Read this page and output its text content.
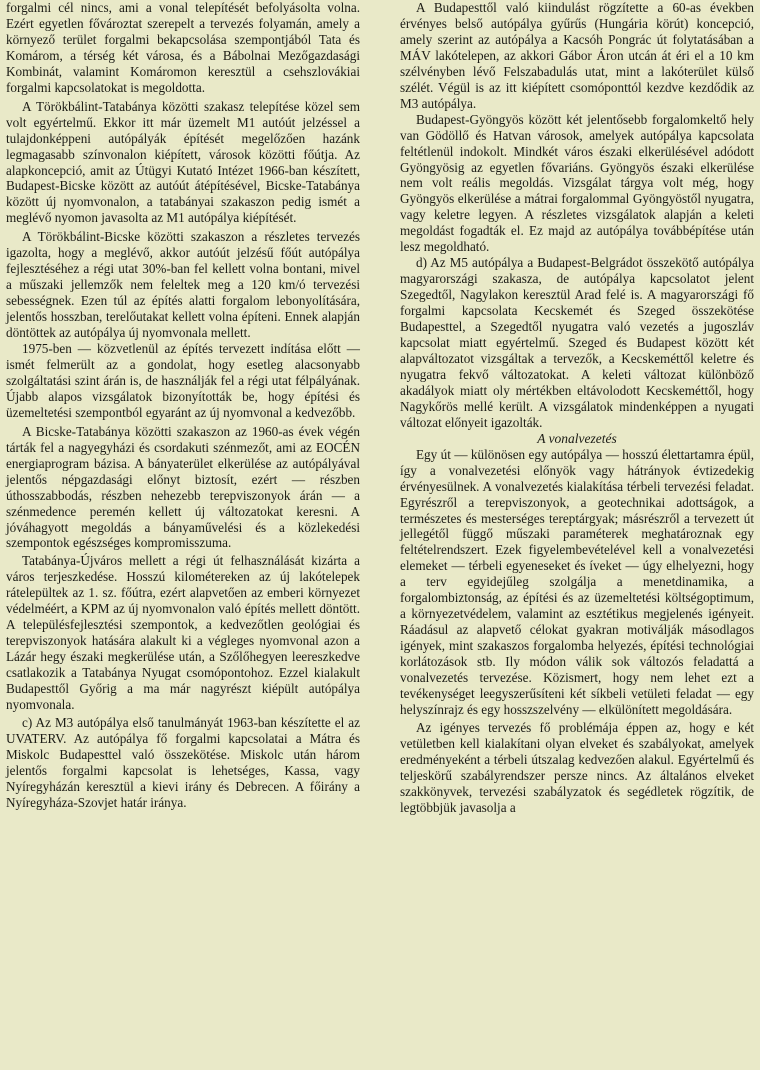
forgalmi cél nincs, ami a vonal telepítését befolyásolta volna. Ezért egyetlen fővároztat szerepelt a tervezés folyamán, amely a környező terület forgalmi bekapcsolása szempontjából Tata és Komárom, a térség két városa, és a Bábolnai Mezőgazdasági Kombinát, valamint Komáromon keresztül a csehszlovákiai forgalmi kapcsolatokat is megoldotta.

A Törökbálint-Tatabánya közötti szakasz telepítése közel sem volt egyértelmű. Ekkor itt már üzemelt M1 autóút jelzéssel a tulajdonképpeni autópályák építését megelőzően hazánk legmagasabb színvonalon kiépített, városok közötti főútja. Az alapkoncepció, amit az Útügyi Kutató Intézet 1966-ban készített, Budapest-Bicske között az autóút átépítésével, Bicske-Tatabánya között új nyomvonalon, a tatabányai szakaszon pedig ismét a meglévő nyomon javasolta az M1 autópálya kiépítését.

A Törökbálint-Bicske közötti szakaszon a részletes tervezés igazolta, hogy a meglévő, akkor autóút jelzésű főút autópálya fejlesztéséhez a régi utat 30%-ban fel kellett volna bontani, mivel a műszaki jellemzők nem feleltek meg a 120 km/ó tervezési sebességnek. Ezen túl az építés alatti forgalom lebonyolítására, jelentős hosszban, terelőutakat kellett volna építeni. Ennek alapján döntöttek az autópálya új nyomvonala mellett.

1975-ben — közvetlenül az építés tervezett indítása előtt — ismét felmerült az a gondolat, hogy esetleg alacsonyabb szolgáltatási szint árán is, de használják fel a régi utat félpályának. Újabb alapos vizsgálatok bizonyították be, hogy építési és üzemeltetési szempontból egyaránt az új nyomvonal a kedvezőbb.

A Bicske-Tatabánya közötti szakaszon az 1960-as évek végén tárták fel a nagyegyházi és csordakuti szénmezőt, ami az EOCÉN energiaprogram bázisa. A bányaterület elkerülése az autópályával jelentős népgazdasági előnyt biztosít, ezért — részben úthosszabbodás, részben nehezebb terepviszonyok árán — a szénmedence peremén kellett új változatokat keresni. A jóváhagyott megoldás a bányaművelési és a közlekedési szempontok egészséges kompromisszuma.

Tatabánya-Újváros mellett a régi út felhasználását kizárta a város terjeszkedése. Hosszú kilométereken az új lakótelepek rátelepültek az 1. sz. főútra, ezért alapvetően az emberi környezet védelméért, a KPM az új nyomvonalon való építés mellett döntött. A településfejlesztési szempontok, a kedvezőtlen geológiai és terepviszonyok hatására alakult ki a végleges nyomvonal azon a Lázár hegy északi megkerülése után, a Szőlőhegyen leereszkedve csatlakozik a Tatabánya Nyugat csomópontohoz. Ezzel kialakult Budapesttől Győrig a ma már nagyrészt kiépült autópálya nyomvonala.

c) Az M3 autópálya első tanulmányát 1963-ban készítette el az UVATERV. Az autópálya fő forgalmi kapcsolatai a Mátra és Miskolc Budapesttel való összekötése. Miskolc után három jelentős forgalmi kapcsolat is lehetséges, Kassa, vagy Nyíregyházán keresztül a kievi irány és Debrecen. A főirány a Nyíregyháza-Szovjet határ iránya.

A Budapesttől való kiindulást rögzítette a 60-as években érvényes belső autópálya gyűrűs (Hungária körút) koncepció, amely szerint az autópálya a Kacsóh Pongrác út folytatásában a MÁV lakótelepen, az akkori Gábor Áron utcán át éri el a 10 km szélvényben lévő Felszabadulás utat, mint a lakóterület külső szélét. Végül is az itt kiépített csomóponttól kezdve kezdődik az M3 autópálya.

Budapest-Gyöngyös között két jelentősebb forgalomkeltő hely van Gödöllő és Hatvan városok, amelyek autópálya kapcsolata feltétlenül indokolt. Mindkét város északi elkerülésével adódott Gyöngyösig az egyetlen fővariáns. Gyöngyös északi elkerülése nem volt reális megoldás. Vizsgálat tárgya volt még, hogy Gyöngyös elkerülése a mátrai forgalommal Gyöngyöstől nyugatra, vagy keletre legyen. A részletes vizsgálatok alapján a keleti megoldást fogadták el. Ez majd az autópálya továbbépítése után lesz megoldható.

d) Az M5 autópálya a Budapest-Belgrádot összekötő autópálya magyarországi szakasza, de autópálya kapcsolatot jelent Szegedtől, Nagylakon keresztül Arad felé is. A magyarországi fő forgalmi kapcsolata Kecskemét és Szeged összekötése Budapesttel, a Szegedtől nyugatra való vezetés a jugoszláv kapcsolat miatt egyértelmű. Szeged és Budapest között két alapváltozatot vizsgáltak a tervezők, a Kecskeméttől keletre és nyugatra fekvő változatokat. A keleti változat különböző akadályok miatt oly mértékben eltávolodott Kecskeméttől, hogy Nagykőrös mellé került. A vizsgálatok mindenképpen a nyugati változat előnyeit igazolták.

A vonalvezetés

Egy út — különösen egy autópálya — hosszú élettartamra épül, így a vonalvezetési előnyök vagy hátrányok évtizedekig érvényesülnek. A vonalvezetés kialakítása térbeli tervezési feladat. Egyrészről a terepviszonyok, a geotechnikai adottságok, a természetes és mesterséges tereptárgyak; másrészről a tervezett út jellegétől függő műszaki paraméterek meghatároznak egy feltételrendszert. Ezek figyelembevételével kell a vonalvezetési elemeket — térbeli egyeneseket és íveket — úgy elhelyezni, hogy a terv egyidejűleg szolgálja a menetdinamika, a forgalombiztonság, az építési és az üzemeltetési költségoptimum, a környezetvédelem, valamint az esztétikus megjelenés igényeit. Ráadásul az alapvető célokat gyakran motiválják másodlagos igények, mint szakaszos forgalomba helyezés, építési technológiai korlátozások stb. Ily módon válik sok változós feladattá a vonalvezetés tervezése. Közismert, hogy nem lehet ezt a tevékenységet leegyszerűsíteni két síkbeli vetületi feladat — egy helyszínrajz és egy hosszszelvény — elkülönített megoldására.

Az igényes tervezés fő problémája éppen az, hogy e két vetületben kell kialakítani olyan elveket és szabályokat, amelyek eredményeként a térbeli útszalag kedvezően alakul. Egyértelmű és teljeskörű szabályrendszer persze nincs. Az általános elveket szakkönyvek, tervezési szabályzatok és segédletek rögzítik, de legtöbbjük javasolja a
